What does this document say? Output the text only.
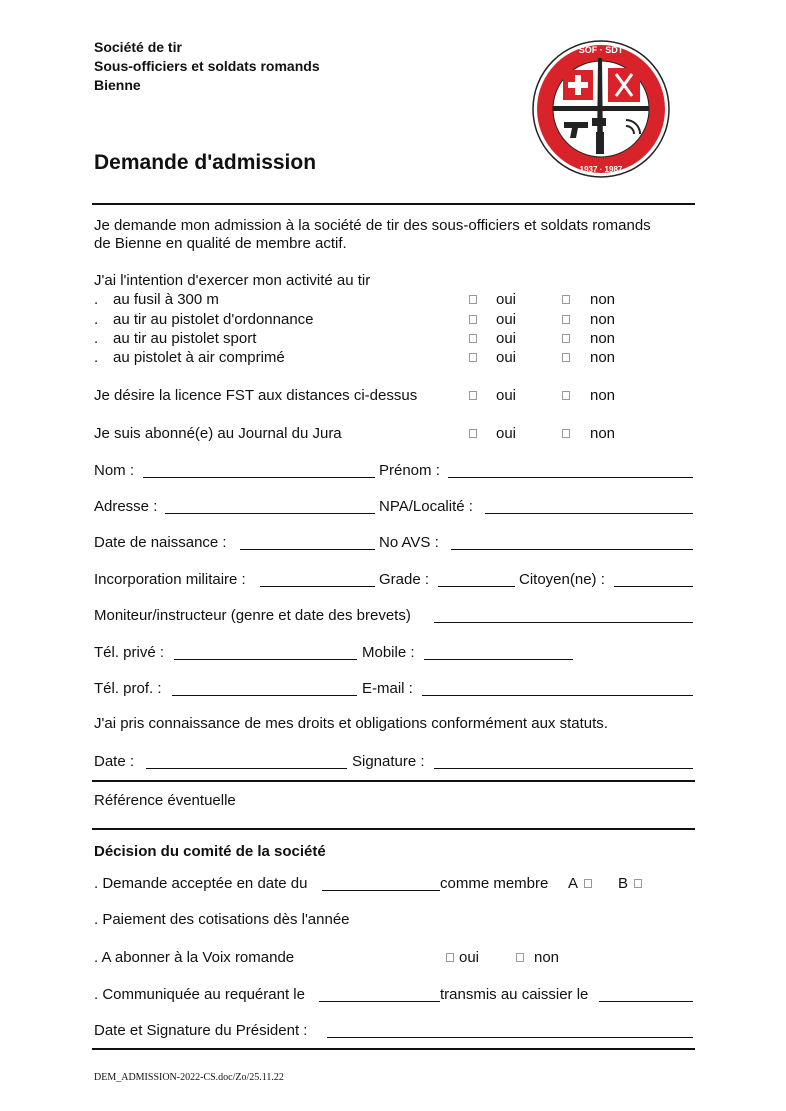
Société de tir
Sous-officiers et soldats romands
Bienne
Demande d'admission
SOF · SDT
1937 · 1987
Je demande mon admission à la société de tir des sous-officiers et soldats romands
de Bienne en qualité de membre actif.
J'ai l'intention d'exercer mon activité au tir
. au fusil à 300 m	oui	non
. au tir au pistolet d'ordonnance	oui	non
. au tir au pistolet sport	oui	non
. au pistolet à air comprimé	oui	non
Je désire la licence FST aux distances ci-dessus	oui	non
Je suis abonné(e) au Journal du Jura	oui	non
Nom :	Prénom :
Adresse :	NPA/Localité :
Date de naissance :	No AVS :
Incorporation militaire :	Grade :	Citoyen(ne) :
Moniteur/instructeur (genre et date des brevets)
Tél. privé :	Mobile :
Tél. prof. :	E-mail :
J'ai pris connaissance de mes droits et obligations conformément aux statuts.
Date :	Signature :
Référence éventuelle
Décision du comité de la société
. Demande acceptée en date du	comme membre A	B
. Paiement des cotisations dès l'année
. A abonner à la Voix romande	oui	non
. Communiquée au requérant le	transmis au caissier le
Date et Signature du Président :
DEM_ADMISSION-2022-CS.doc/Zo/25.11.22
